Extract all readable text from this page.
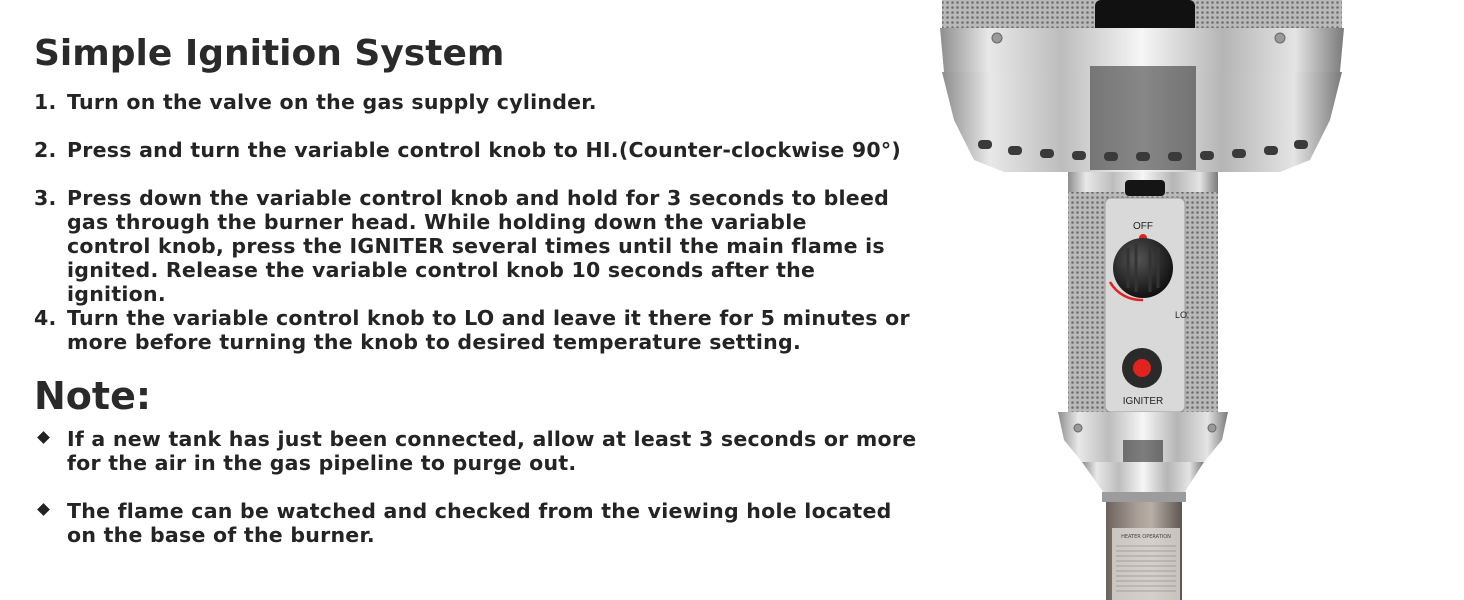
Simple Ignition System
1. Turn on the valve on the gas supply cylinder.
2. Press and turn the variable control knob to HI.(Counter-clockwise 90°)
3. Press down the variable control knob and hold for 3 seconds to bleed gas through the burner head. While holding down the variable control knob, press the IGNITER several times until the main flame is ignited. Release the variable control knob 10 seconds after the ignition.
4. Turn the variable control knob to LO and leave it there for 5 minutes or more before turning the knob to desired temperature setting.
Note:
If a new tank has just been connected, allow at least 3 seconds or more for the air in the gas pipeline to purge out.
The flame can be watched and checked from the viewing hole located on the base of the burner.
OFF
LO
IGNITER
HEATER OPERATION
